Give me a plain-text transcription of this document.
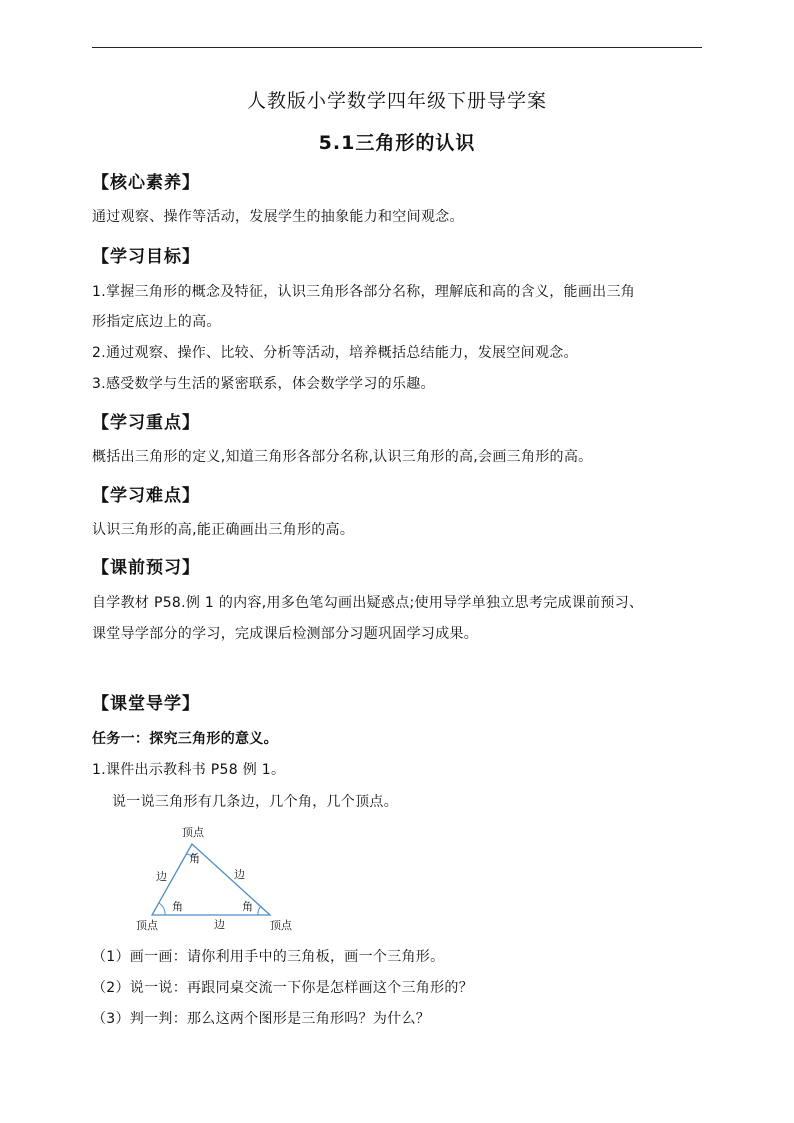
人教版小学数学四年级下册导学案
5.1三角形的认识
【核心素养】
通过观察、操作等活动，发展学生的抽象能力和空间观念。
【学习目标】
1.掌握三角形的概念及特征，认识三角形各部分名称，理解底和高的含义，能画出三角
形指定底边上的高。
2.通过观察、操作、比较、分析等活动，培养概括总结能力，发展空间观念。
3.感受数学与生活的紧密联系，体会数学学习的乐趣。
【学习重点】
概括出三角形的定义,知道三角形各部分名称,认识三角形的高,会画三角形的高。
【学习难点】
认识三角形的高,能正确画出三角形的高。
【课前预习】
自学教材 P58.例 1 的内容,用多色笔勾画出疑惑点;使用导学单独立思考完成课前预习、
课堂导学部分的学习，完成课后检测部分习题巩固学习成果。
【课堂导学】
任务一：探究三角形的意义。
1.课件出示教科书 P58 例 1。
说一说三角形有几条边，几个角，几个顶点。
顶点
顶点	顶点
边	边
边
角
角	角
（1）画一画：请你利用手中的三角板，画一个三角形。
（2）说一说：再跟同桌交流一下你是怎样画这个三角形的？
（3）判一判：那么这两个图形是三角形吗？为什么？
